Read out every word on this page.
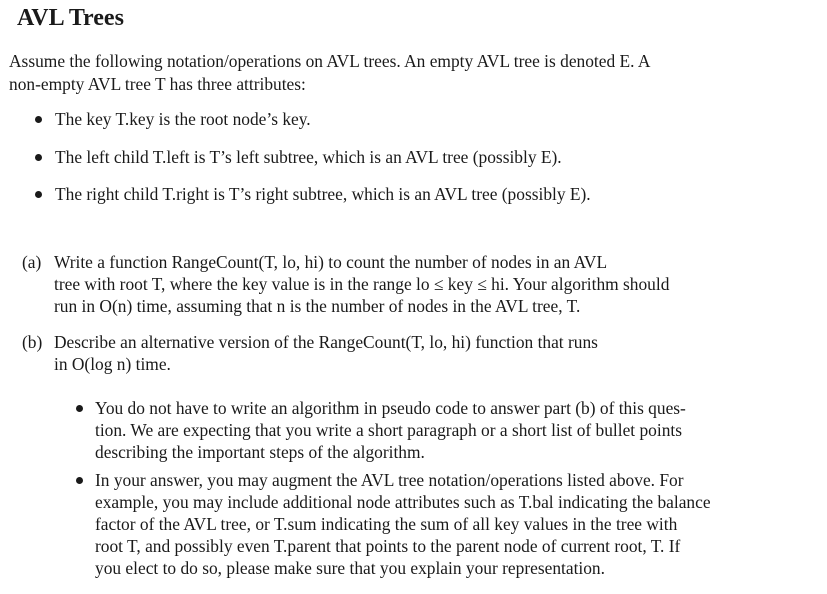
AVL Trees

Assume the following notation/operations on AVL trees. An empty AVL tree is denoted E. A
non-empty AVL tree T has three attributes:

The key T.key is the root node’s key.
The left child T.left is T’s left subtree, which is an AVL tree (possibly E).
The right child T.right is T’s right subtree, which is an AVL tree (possibly E).
(a) Write a function RangeCount(T, lo, hi) to count the number of nodes in an AVL
tree with root T, where the key value is in the range lo ≤ key ≤ hi. Your algorithm should
run in O(n) time, assuming that n is the number of nodes in the AVL tree, T.
(b) Describe an alternative version of the RangeCount(T, lo, hi) function that runs
in O(log n) time.
You do not have to write an algorithm in pseudo code to answer part (b) of this ques-
tion. We are expecting that you write a short paragraph or a short list of bullet points
describing the important steps of the algorithm.
In your answer, you may augment the AVL tree notation/operations listed above. For
example, you may include additional node attributes such as T.bal indicating the balance
factor of the AVL tree, or T.sum indicating the sum of all key values in the tree with
root T, and possibly even T.parent that points to the parent node of current root, T. If
you elect to do so, please make sure that you explain your representation.
